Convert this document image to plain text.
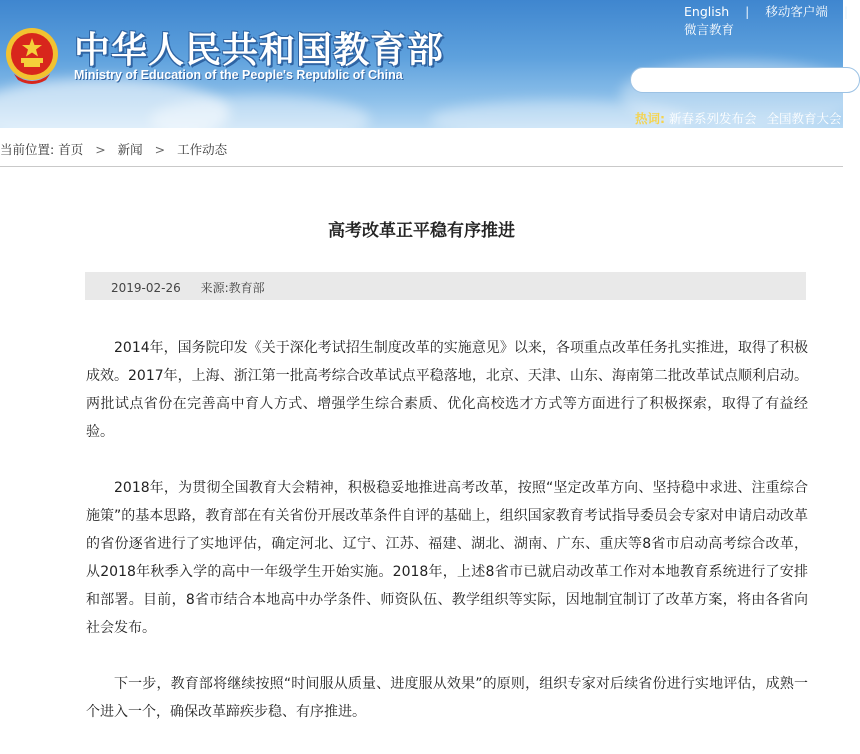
中华人民共和国教育部
Ministry of Education of the People's Republic of China
English | 移动客户端 |
微言教育
热词: 新春系列发布会 全国教育大会
当前位置: 首页 > 新闻 > 工作动态
高考改革正平稳有序推进
2019-02-26 来源:教育部

2014年，国务院印发《关于深化考试招生制度改革的实施意见》以来，各项重点改革任务扎实推进，取得了积极成效。2017年，上海、浙江第一批高考综合改革试点平稳落地，北京、天津、山东、海南第二批改革试点顺利启动。两批试点省份在完善高中育人方式、增强学生综合素质、优化高校选才方式等方面进行了积极探索，取得了有益经验。

2018年，为贯彻全国教育大会精神，积极稳妥地推进高考改革，按照“坚定改革方向、坚持稳中求进、注重综合施策”的基本思路，教育部在有关省份开展改革条件自评的基础上，组织国家教育考试指导委员会专家对申请启动改革的省份逐省进行了实地评估，确定河北、辽宁、江苏、福建、湖北、湖南、广东、重庆等8省市启动高考综合改革，从2018年秋季入学的高中一年级学生开始实施。2018年，上述8省市已就启动改革工作对本地教育系统进行了安排和部署。目前，8省市结合本地高中办学条件、师资队伍、教学组织等实际，因地制宜制订了改革方案，将由各省向社会发布。

下一步，教育部将继续按照“时间服从质量、进度服从效果”的原则，组织专家对后续省份进行实地评估，成熟一个进入一个，确保改革蹄疾步稳、有序推进。
